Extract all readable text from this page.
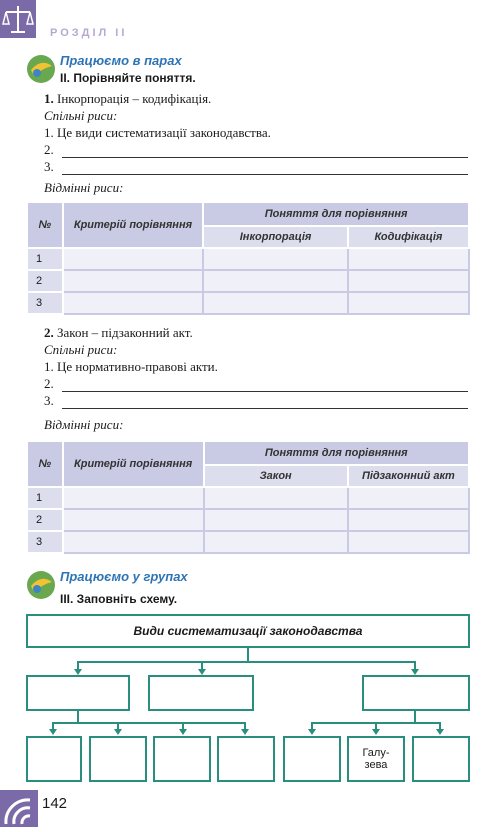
РОЗДІЛ ІІ
Працюємо в парах
ІІ. Порівняйте поняття.
1. Інкорпорація – кодифікація.
Спільні риси:
1. Це види систематизації законодавства.
2.
3.
Відмінні риси:
№	Критерій порівняння	Поняття для порівняння	
		Інкорпорація	Кодифікація
1			
2			
3			
2. Закон – підзаконний акт.
Спільні риси:
1. Це нормативно-правові акти.
2.
3.
Відмінні риси:
№	Критерій порівняння	Поняття для порівняння	
		Закон	Підзаконний акт
1			
2			
3			
Працюємо у групах
ІІІ. Заповніть схему.
Види систематизації законодавства
Галу-
зева
142
